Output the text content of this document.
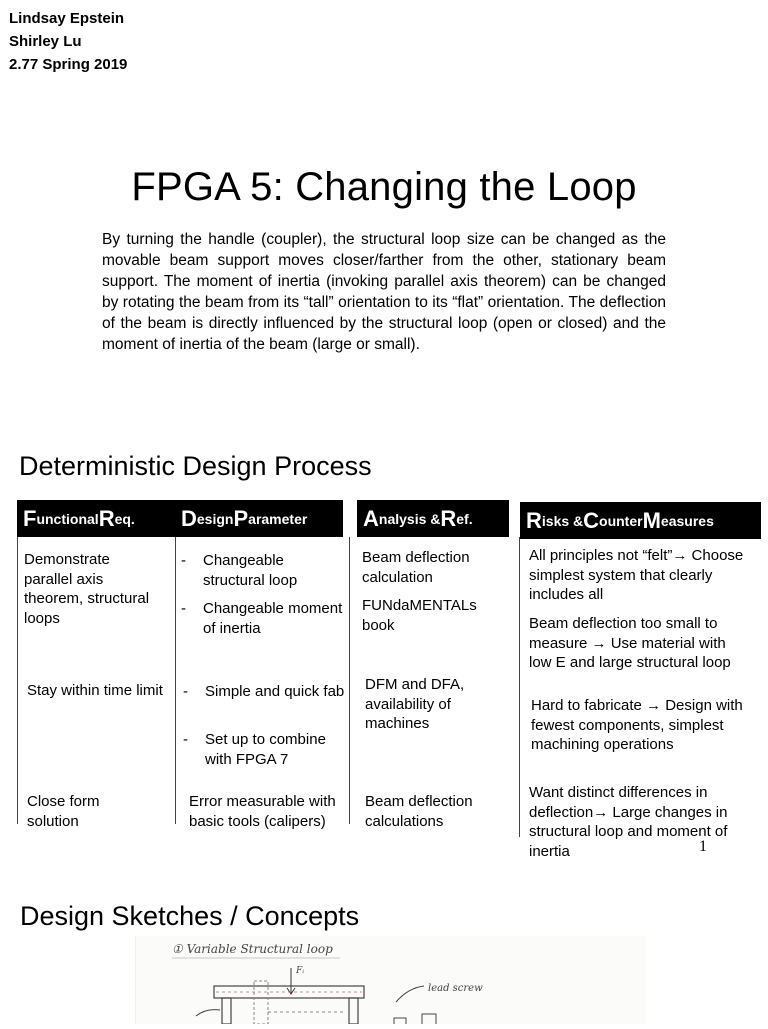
Lindsay Epstein
Shirley Lu
2.77 Spring 2019
FPGA 5: Changing the Loop
By turning the handle (coupler), the structural loop size can be changed as the movable beam support moves closer/farther from the other, stationary beam support. The moment of inertia (invoking parallel axis theorem) can be changed by rotating the beam from its “tall” orientation to its “flat” orientation. The deflection of the beam is directly influenced by the structural loop (open or closed) and the moment of inertia of the beam (large or small).
Deterministic Design Process
F unctional R eq. D esign P arameter	A nalysis & R ef. R isks & C ounter M easures
Demonstrate parallel axis theorem, structural loops
Stay within time limit
Close form solution
- Changeable structural loop
- Changeable moment of inertia
- Simple and quick fab
- Set up to combine with FPGA 7
Error measurable with basic tools (calipers)
Beam deflection calculation
FUNdaMENTALs book
DFM and DFA, availability of machines
Beam deflection calculations
All principles not “felt”→ Choose simplest system that clearly includes all
Beam deflection too small to measure → Use material with low E and large structural loop
Hard to fabricate → Design with fewest components, simplest machining operations
Want distinct differences in deflection→ Large changes in structural loop and moment of inertia	1
Design Sketches / Concepts
① Variable Structural loop
Fᵢ
lead screw
